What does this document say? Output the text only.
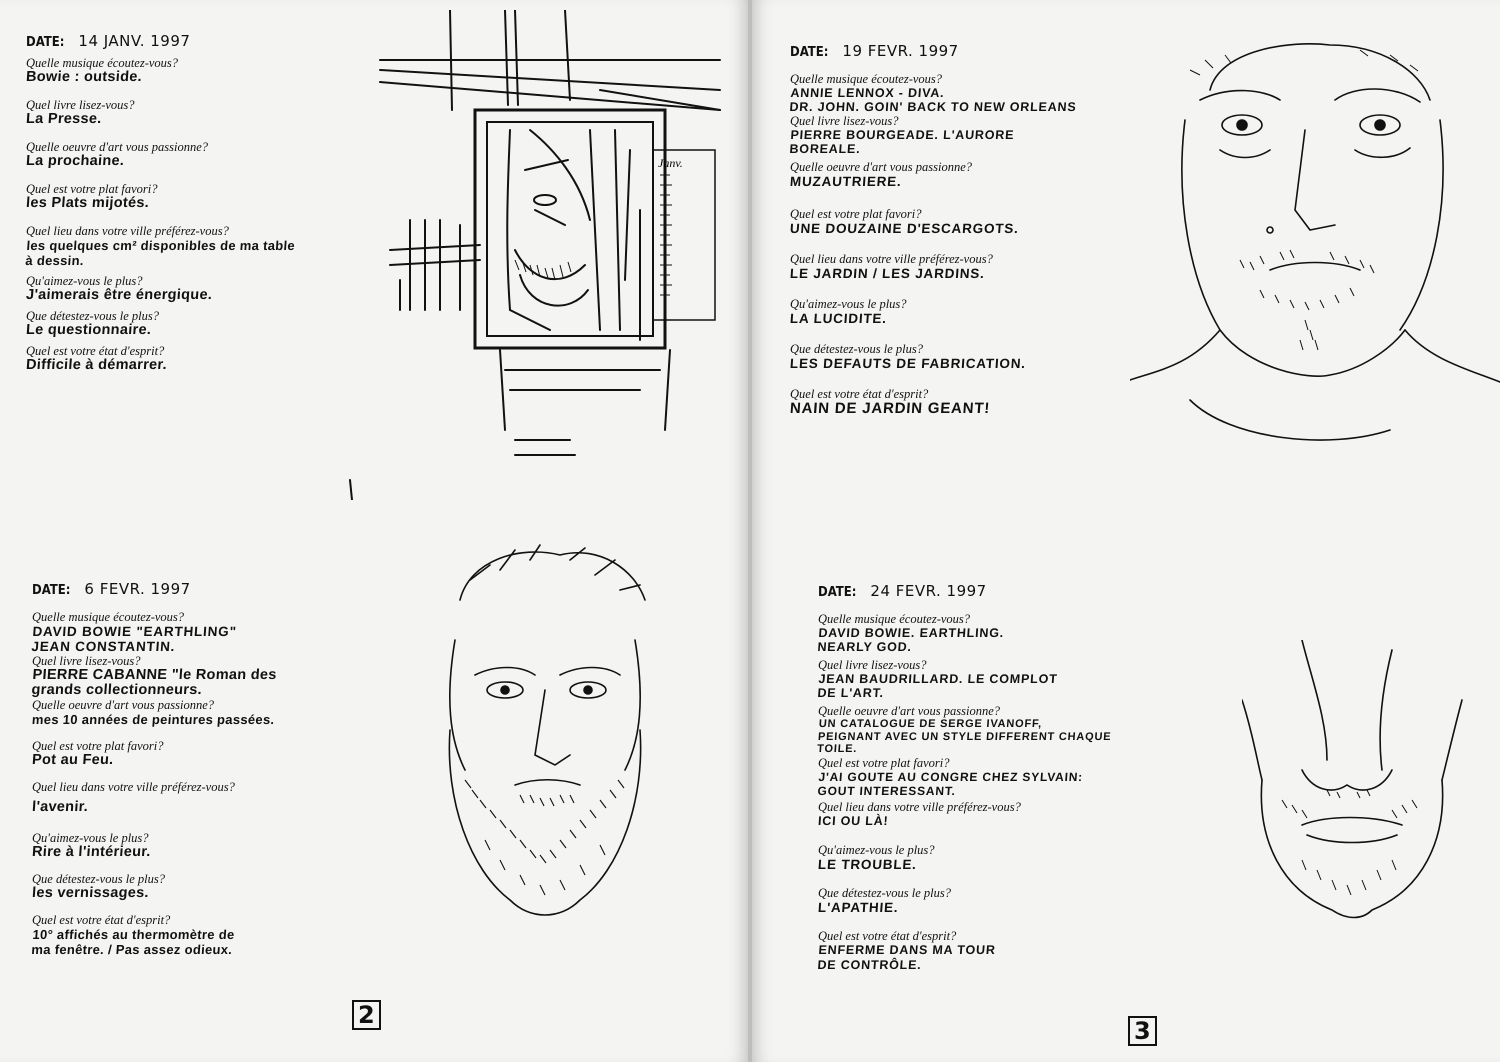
DATE: 14 JANV. 1997
Quelle musique écoutez-vous?
Bowie : outside.
Quel livre lisez-vous?
La Presse.
Quelle oeuvre d'art vous passionne?
La prochaine.
Quel est votre plat favori?
les Plats mijotés.
Quel lieu dans votre ville préférez-vous?
les quelques cm² disponibles de ma table
à dessin.
Qu'aimez-vous le plus?
J'aimerais être énergique.
Que détestez-vous le plus?
Le questionnaire.
Quel est votre état d'esprit?
Difficile à démarrer.
Janv.
DATE: 6 FEVR. 1997
Quelle musique écoutez-vous?
DAVID BOWIE "EARTHLING"
JEAN CONSTANTIN.
Quel livre lisez-vous?
PIERRE CABANNE "le Roman des
grands collectionneurs.
Quelle oeuvre d'art vous passionne?
mes 10 années de peintures passées.
Quel est votre plat favori?
Pot au Feu.
Quel lieu dans votre ville préférez-vous?
l'avenir.
Qu'aimez-vous le plus?
Rire à l'intérieur.
Que détestez-vous le plus?
les vernissages.
Quel est votre état d'esprit?
10° affichés au thermomètre de
ma fenêtre. / Pas assez odieux.
2
DATE: 19 FEVR. 1997
Quelle musique écoutez-vous?
ANNIE LENNOX - DIVA.
DR. JOHN. GOIN' BACK TO NEW ORLEANS
Quel livre lisez-vous?
PIERRE BOURGEADE. L'AURORE
BOREALE.
Quelle oeuvre d'art vous passionne?
MUZAUTRIERE.
Quel est votre plat favori?
UNE DOUZAINE D'ESCARGOTS.
Quel lieu dans votre ville préférez-vous?
LE JARDIN / LES JARDINS.
Qu'aimez-vous le plus?
LA LUCIDITE.
Que détestez-vous le plus?
LES DEFAUTS DE FABRICATION.
Quel est votre état d'esprit?
NAIN DE JARDIN GEANT!
DATE: 24 FEVR. 1997
Quelle musique écoutez-vous?
DAVID BOWIE. EARTHLING.
NEARLY GOD.
Quel livre lisez-vous?
JEAN BAUDRILLARD. LE COMPLOT
DE L'ART.
Quelle oeuvre d'art vous passionne?
UN CATALOGUE DE SERGE IVANOFF,
PEIGNANT AVEC UN STYLE DIFFERENT CHAQUE
TOILE.
Quel est votre plat favori?
J'AI GOUTE AU CONGRE CHEZ SYLVAIN:
GOUT INTERESSANT.
Quel lieu dans votre ville préférez-vous?
ICI OU LÀ!
Qu'aimez-vous le plus?
LE TROUBLE.
Que détestez-vous le plus?
L'APATHIE.
Quel est votre état d'esprit?
ENFERME DANS MA TOUR
DE CONTRÔLE.
3
